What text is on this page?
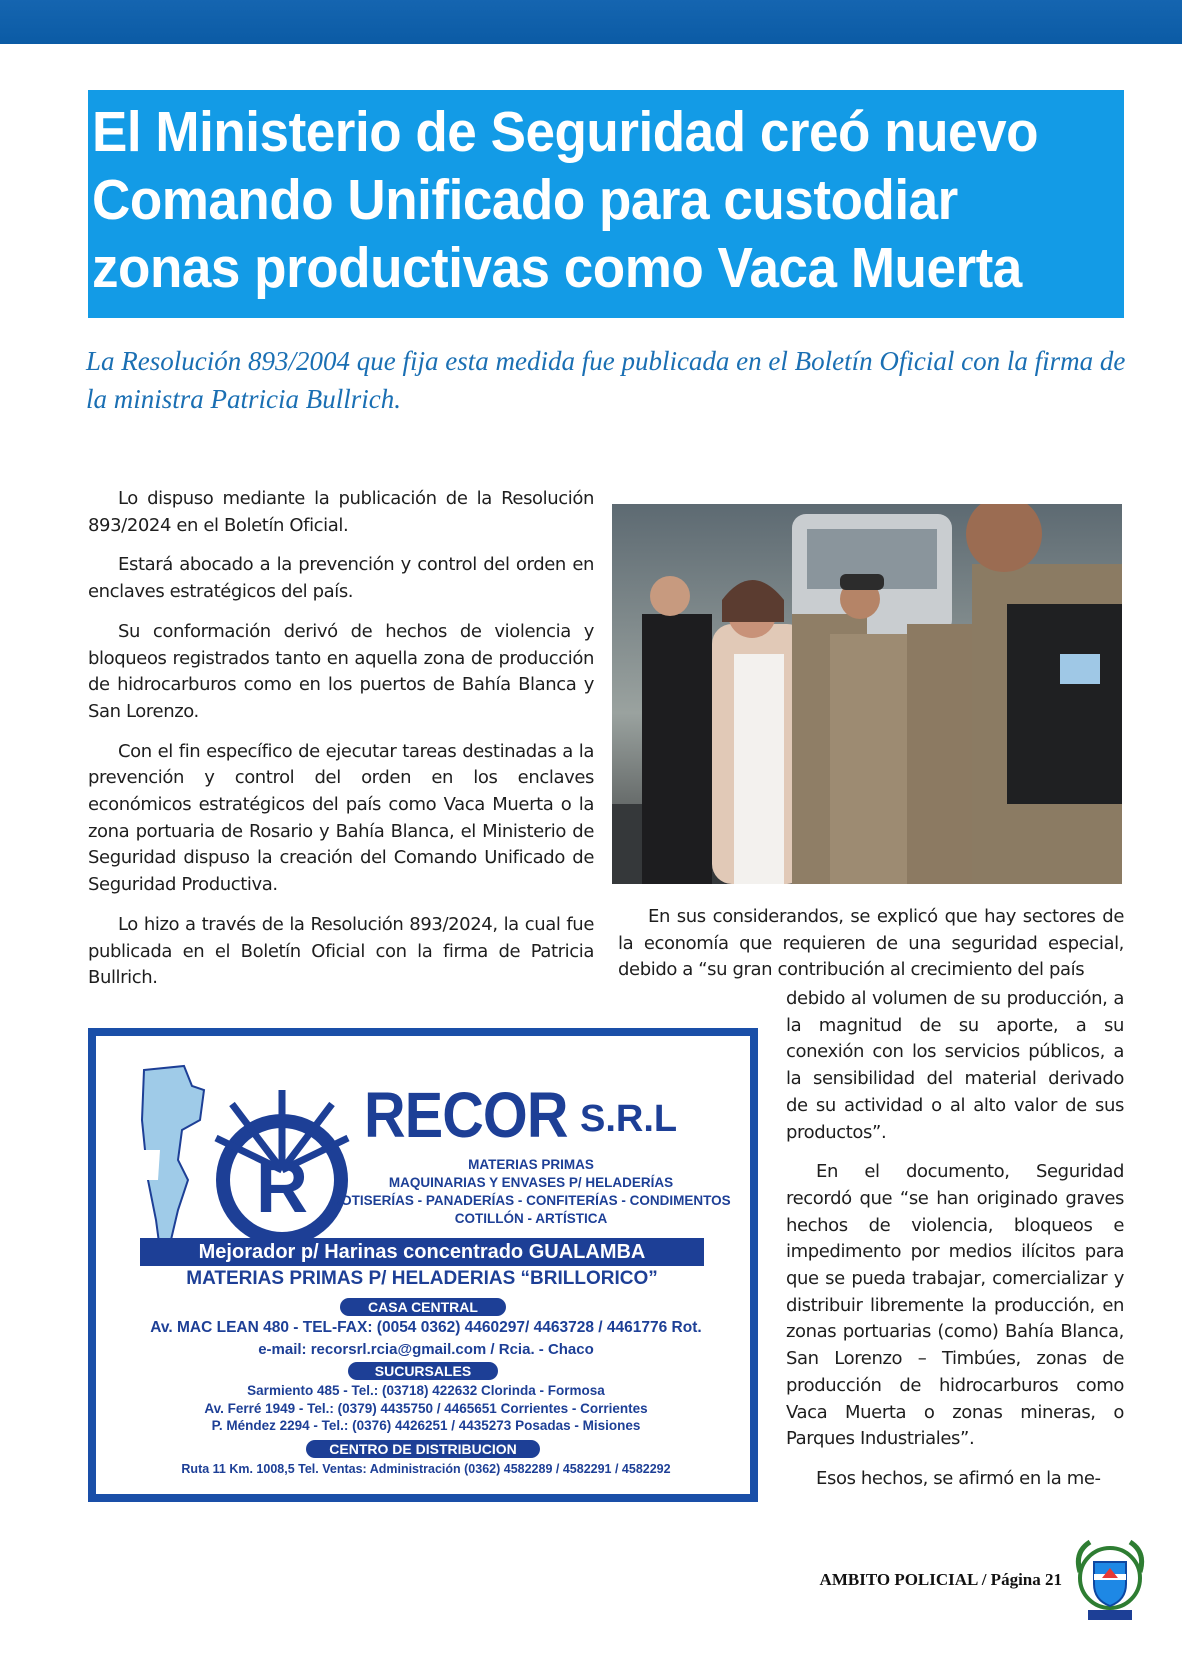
El Ministerio de Seguridad creó nuevo
Comando Unificado para custodiar
zonas productivas como Vaca Muerta

La Resolución 893/2004 que fija esta medida fue publicada en el Boletín Oficial con la firma de la ministra Patricia Bullrich.

Lo dispuso mediante la publicación de la Resolución 893/2024 en el Boletín Oficial.

Estará abocado a la prevención y control del orden en enclaves estratégicos del país.

Su conformación derivó de hechos de violencia y bloqueos registrados tanto en aquella zona de producción de hidrocarburos como en los puertos de Bahía Blanca y San Lorenzo.

Con el fin específico de ejecutar tareas destinadas a la prevención y control del orden en los enclaves económicos estratégicos del país como Vaca Muerta o la zona portuaria de Rosario y Bahía Blanca, el Ministerio de Seguridad dispuso la creación del Comando Unificado de Seguridad Productiva.

Lo hizo a través de la Resolución 893/2024, la cual fue publicada en el Boletín Oficial con la firma de Patricia Bullrich.

En sus considerandos, se explicó que hay sectores de la economía que requieren de una seguridad especial, debido a “su gran contribución al crecimiento del país

debido al volumen de su producción, a la magnitud de su aporte, a su conexión con los servicios públicos, a la sensibilidad del material derivado de su actividad o al alto valor de sus productos”.

En el documento, Seguridad recordó que “se han originado graves hechos de violencia, bloqueos e impedimento por medios ilícitos para que se pueda trabajar, comercializar y distribuir libremente la producción, en zonas portuarias (como) Bahía Blanca, San Lorenzo – Timbúes, zonas de producción de hidrocarburos como Vaca Muerta o zonas mineras, o Parques Industriales”.

Esos hechos, se afirmó en la me-

R
RECOR S.R.L
MATERIAS PRIMAS
MAQUINARIAS Y ENVASES P/ HELADERÍAS
ROTISERÍAS - PANADERÍAS - CONFITERÍAS - CONDIMENTOS
COTILLÓN - ARTÍSTICA
Mejorador p/ Harinas concentrado GUALAMBA
MATERIAS PRIMAS P/ HELADERIAS “BRILLORICO”
CASA CENTRAL
Av. MAC LEAN 480 - TEL-FAX: (0054 0362) 4460297/ 4463728 / 4461776 Rot.
e-mail: recorsrl.rcia@gmail.com / Rcia. - Chaco
SUCURSALES
Sarmiento 485 - Tel.: (03718) 422632 Clorinda - Formosa
Av. Ferré 1949 - Tel.: (0379) 4435750 / 4465651 Corrientes - Corrientes
P. Méndez 2294 - Tel.: (0376) 4426251 / 4435273 Posadas - Misiones
CENTRO DE DISTRIBUCION
Ruta 11 Km. 1008,5 Tel. Ventas: Administración (0362) 4582289 / 4582291 / 4582292
AMBITO POLICIAL / Página 21
